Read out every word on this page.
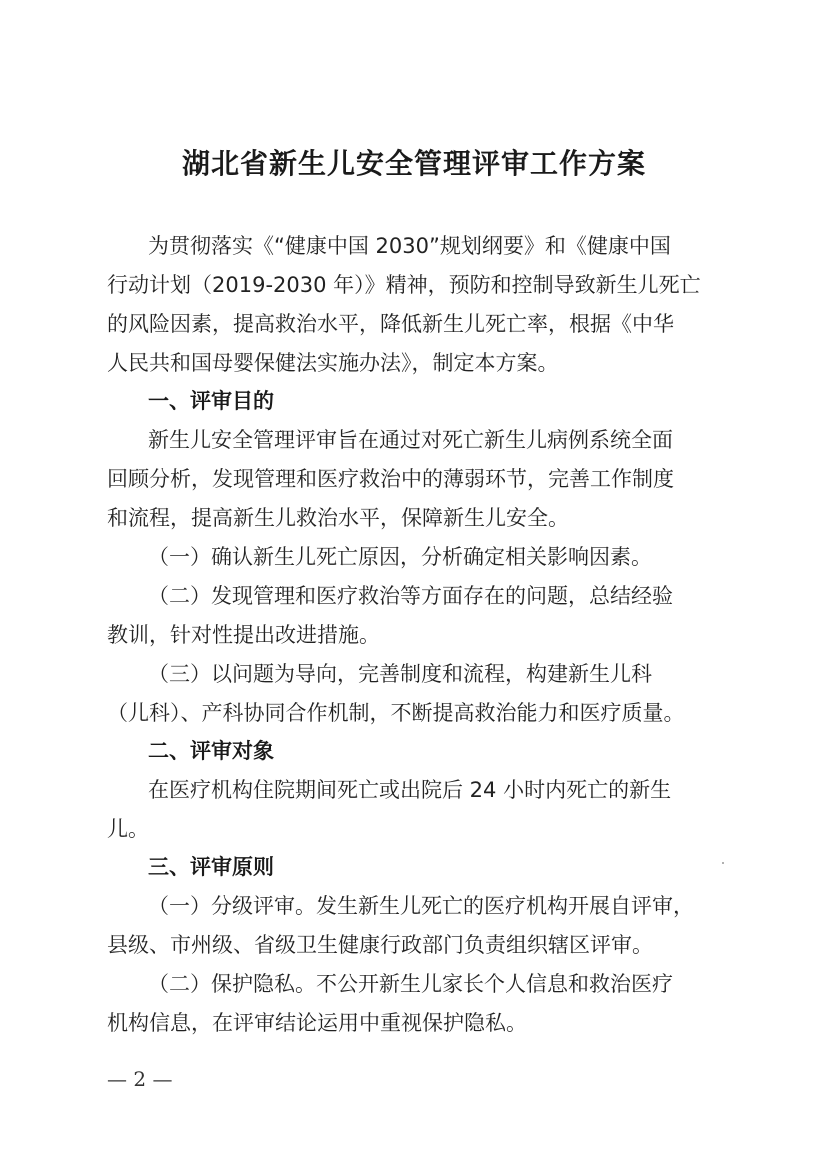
湖北省新生儿安全管理评审工作方案
为贯彻落实《“健康中国 2030”规划纲要》和《健康中国
行动计划（2019-2030 年）》精神，预防和控制导致新生儿死亡
的风险因素，提高救治水平，降低新生儿死亡率，根据《中华
人民共和国母婴保健法实施办法》，制定本方案。
一、评审目的
新生儿安全管理评审旨在通过对死亡新生儿病例系统全面
回顾分析，发现管理和医疗救治中的薄弱环节，完善工作制度
和流程，提高新生儿救治水平，保障新生儿安全。
（一）确认新生儿死亡原因，分析确定相关影响因素。
（二）发现管理和医疗救治等方面存在的问题，总结经验
教训，针对性提出改进措施。
（三）以问题为导向，完善制度和流程，构建新生儿科
（儿科）、产科协同合作机制，不断提高救治能力和医疗质量。
二、评审对象
在医疗机构住院期间死亡或出院后 24 小时内死亡的新生
儿。
三、评审原则
（一）分级评审。发生新生儿死亡的医疗机构开展自评审，
县级、市州级、省级卫生健康行政部门负责组织辖区评审。
（二）保护隐私。不公开新生儿家长个人信息和救治医疗
机构信息，在评审结论运用中重视保护隐私。
— 2 —
